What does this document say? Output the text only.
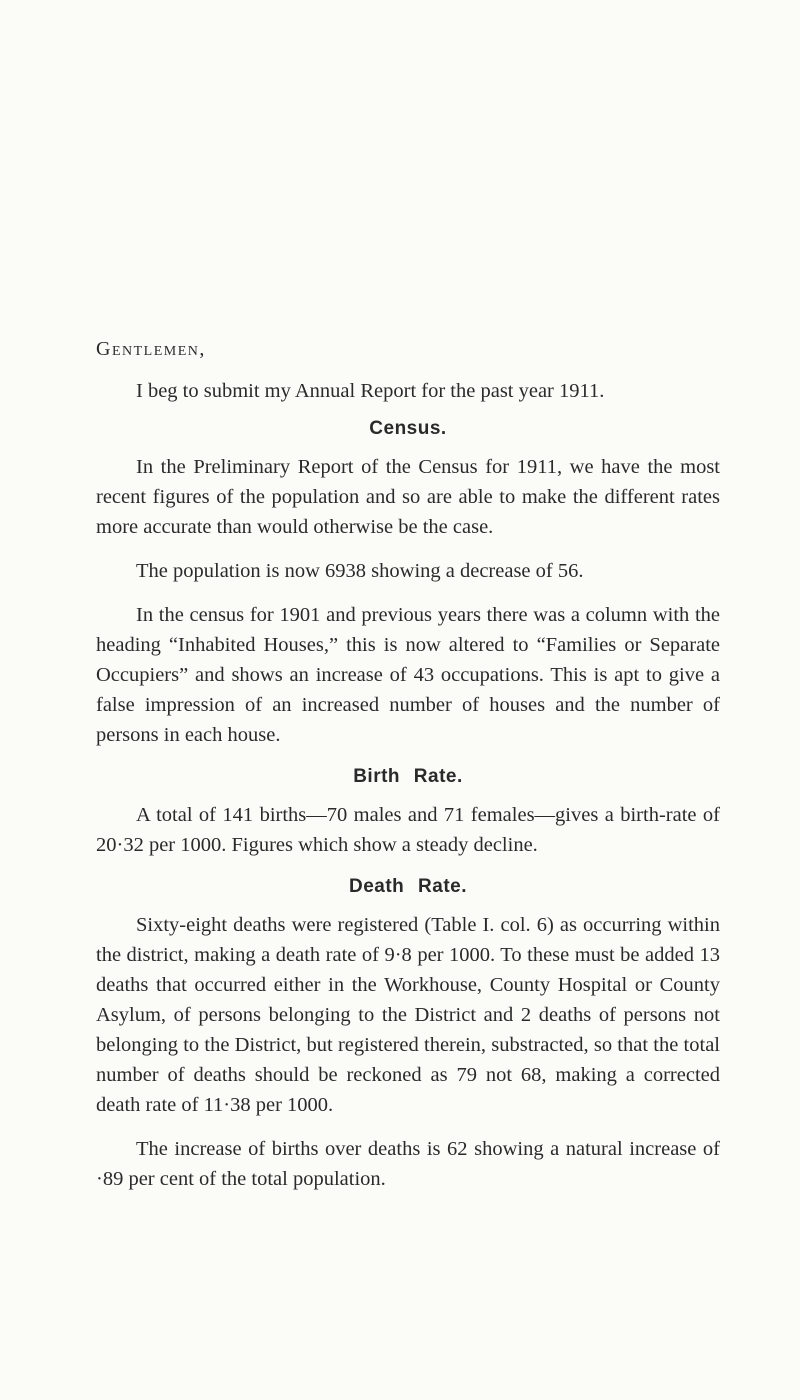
Gentlemen,

I beg to submit my Annual Report for the past year 1911.

Census.

In the Preliminary Report of the Census for 1911, we have the most recent figures of the population and so are able to make the different rates more accurate than would otherwise be the case.

The population is now 6938 showing a decrease of 56.

In the census for 1901 and previous years there was a column with the heading “Inhabited Houses,” this is now altered to “Families or Separate Occupiers” and shows an increase of 43 occupations. This is apt to give a false impression of an increased number of houses and the number of persons in each house.

Birth Rate.

A total of 141 births—70 males and 71 females—gives a birth-rate of 20·32 per 1000. Figures which show a steady decline.

Death Rate.

Sixty-eight deaths were registered (Table I. col. 6) as occurring within the district, making a death rate of 9·8 per 1000. To these must be added 13 deaths that occurred either in the Workhouse, County Hospital or County Asylum, of persons belonging to the District and 2 deaths of persons not belonging to the District, but registered therein, substracted, so that the total number of deaths should be reckoned as 79 not 68, making a corrected death rate of 11·38 per 1000.

The increase of births over deaths is 62 showing a natural increase of ·89 per cent of the total population.
